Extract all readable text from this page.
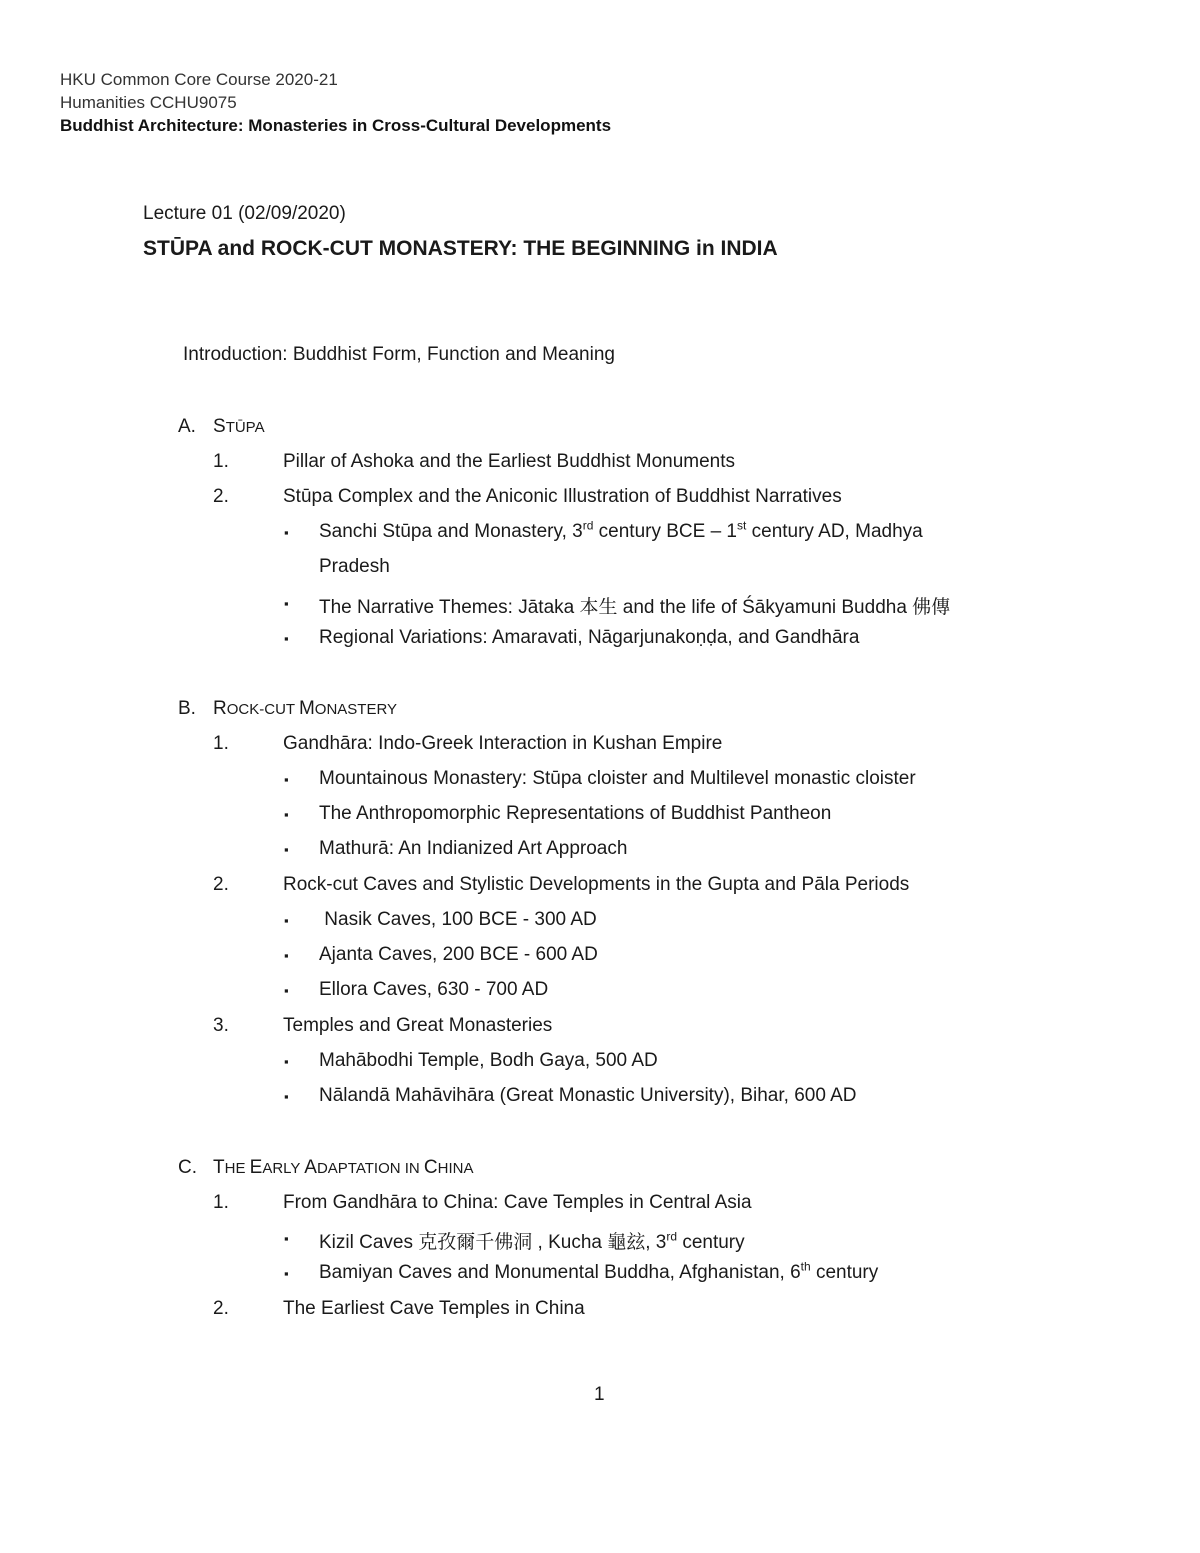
HKU Common Core Course 2020-21
Humanities CCHU9075
Buddhist Architecture: Monasteries in Cross-Cultural Developments
Lecture 01 (02/09/2020)
STŪPA and ROCK-CUT MONASTERY: THE BEGINNING in INDIA
Introduction: Buddhist Form, Function and Meaning
A. STŪPA
1.	Pillar of Ashoka and the Earliest Buddhist Monuments
2.	Stūpa Complex and the Aniconic Illustration of Buddhist Narratives
▪ Sanchi Stūpa and Monastery, 3rd century BCE – 1st century AD, Madhya
Pradesh
▪ The Narrative Themes: Jātaka 本生 and the life of Śākyamuni Buddha 佛傳
▪ Regional Variations: Amaravati, Nāgarjunakoṇḍa, and Gandhāra
B. ROCK-CUT MONASTERY
1.	Gandhāra: Indo-Greek Interaction in Kushan Empire
▪ Mountainous Monastery: Stūpa cloister and Multilevel monastic cloister
▪ The Anthropomorphic Representations of Buddhist Pantheon
▪ Mathurā: An Indianized Art Approach
2.	Rock-cut Caves and Stylistic Developments in the Gupta and Pāla Periods
▪ Nasik Caves, 100 BCE - 300 AD
▪ Ajanta Caves, 200 BCE - 600 AD
▪ Ellora Caves, 630 - 700 AD
3.	Temples and Great Monasteries
▪ Mahābodhi Temple, Bodh Gaya, 500 AD
▪ Nālandā Mahāvihāra (Great Monastic University), Bihar, 600 AD
C. THE EARLY ADAPTATION IN CHINA
1.	From Gandhāra to China: Cave Temples in Central Asia
▪ Kizil Caves 克孜爾千佛洞 , Kucha 龜玆, 3rd century
▪ Bamiyan Caves and Monumental Buddha, Afghanistan, 6th century
2.	The Earliest Cave Temples in China
1
